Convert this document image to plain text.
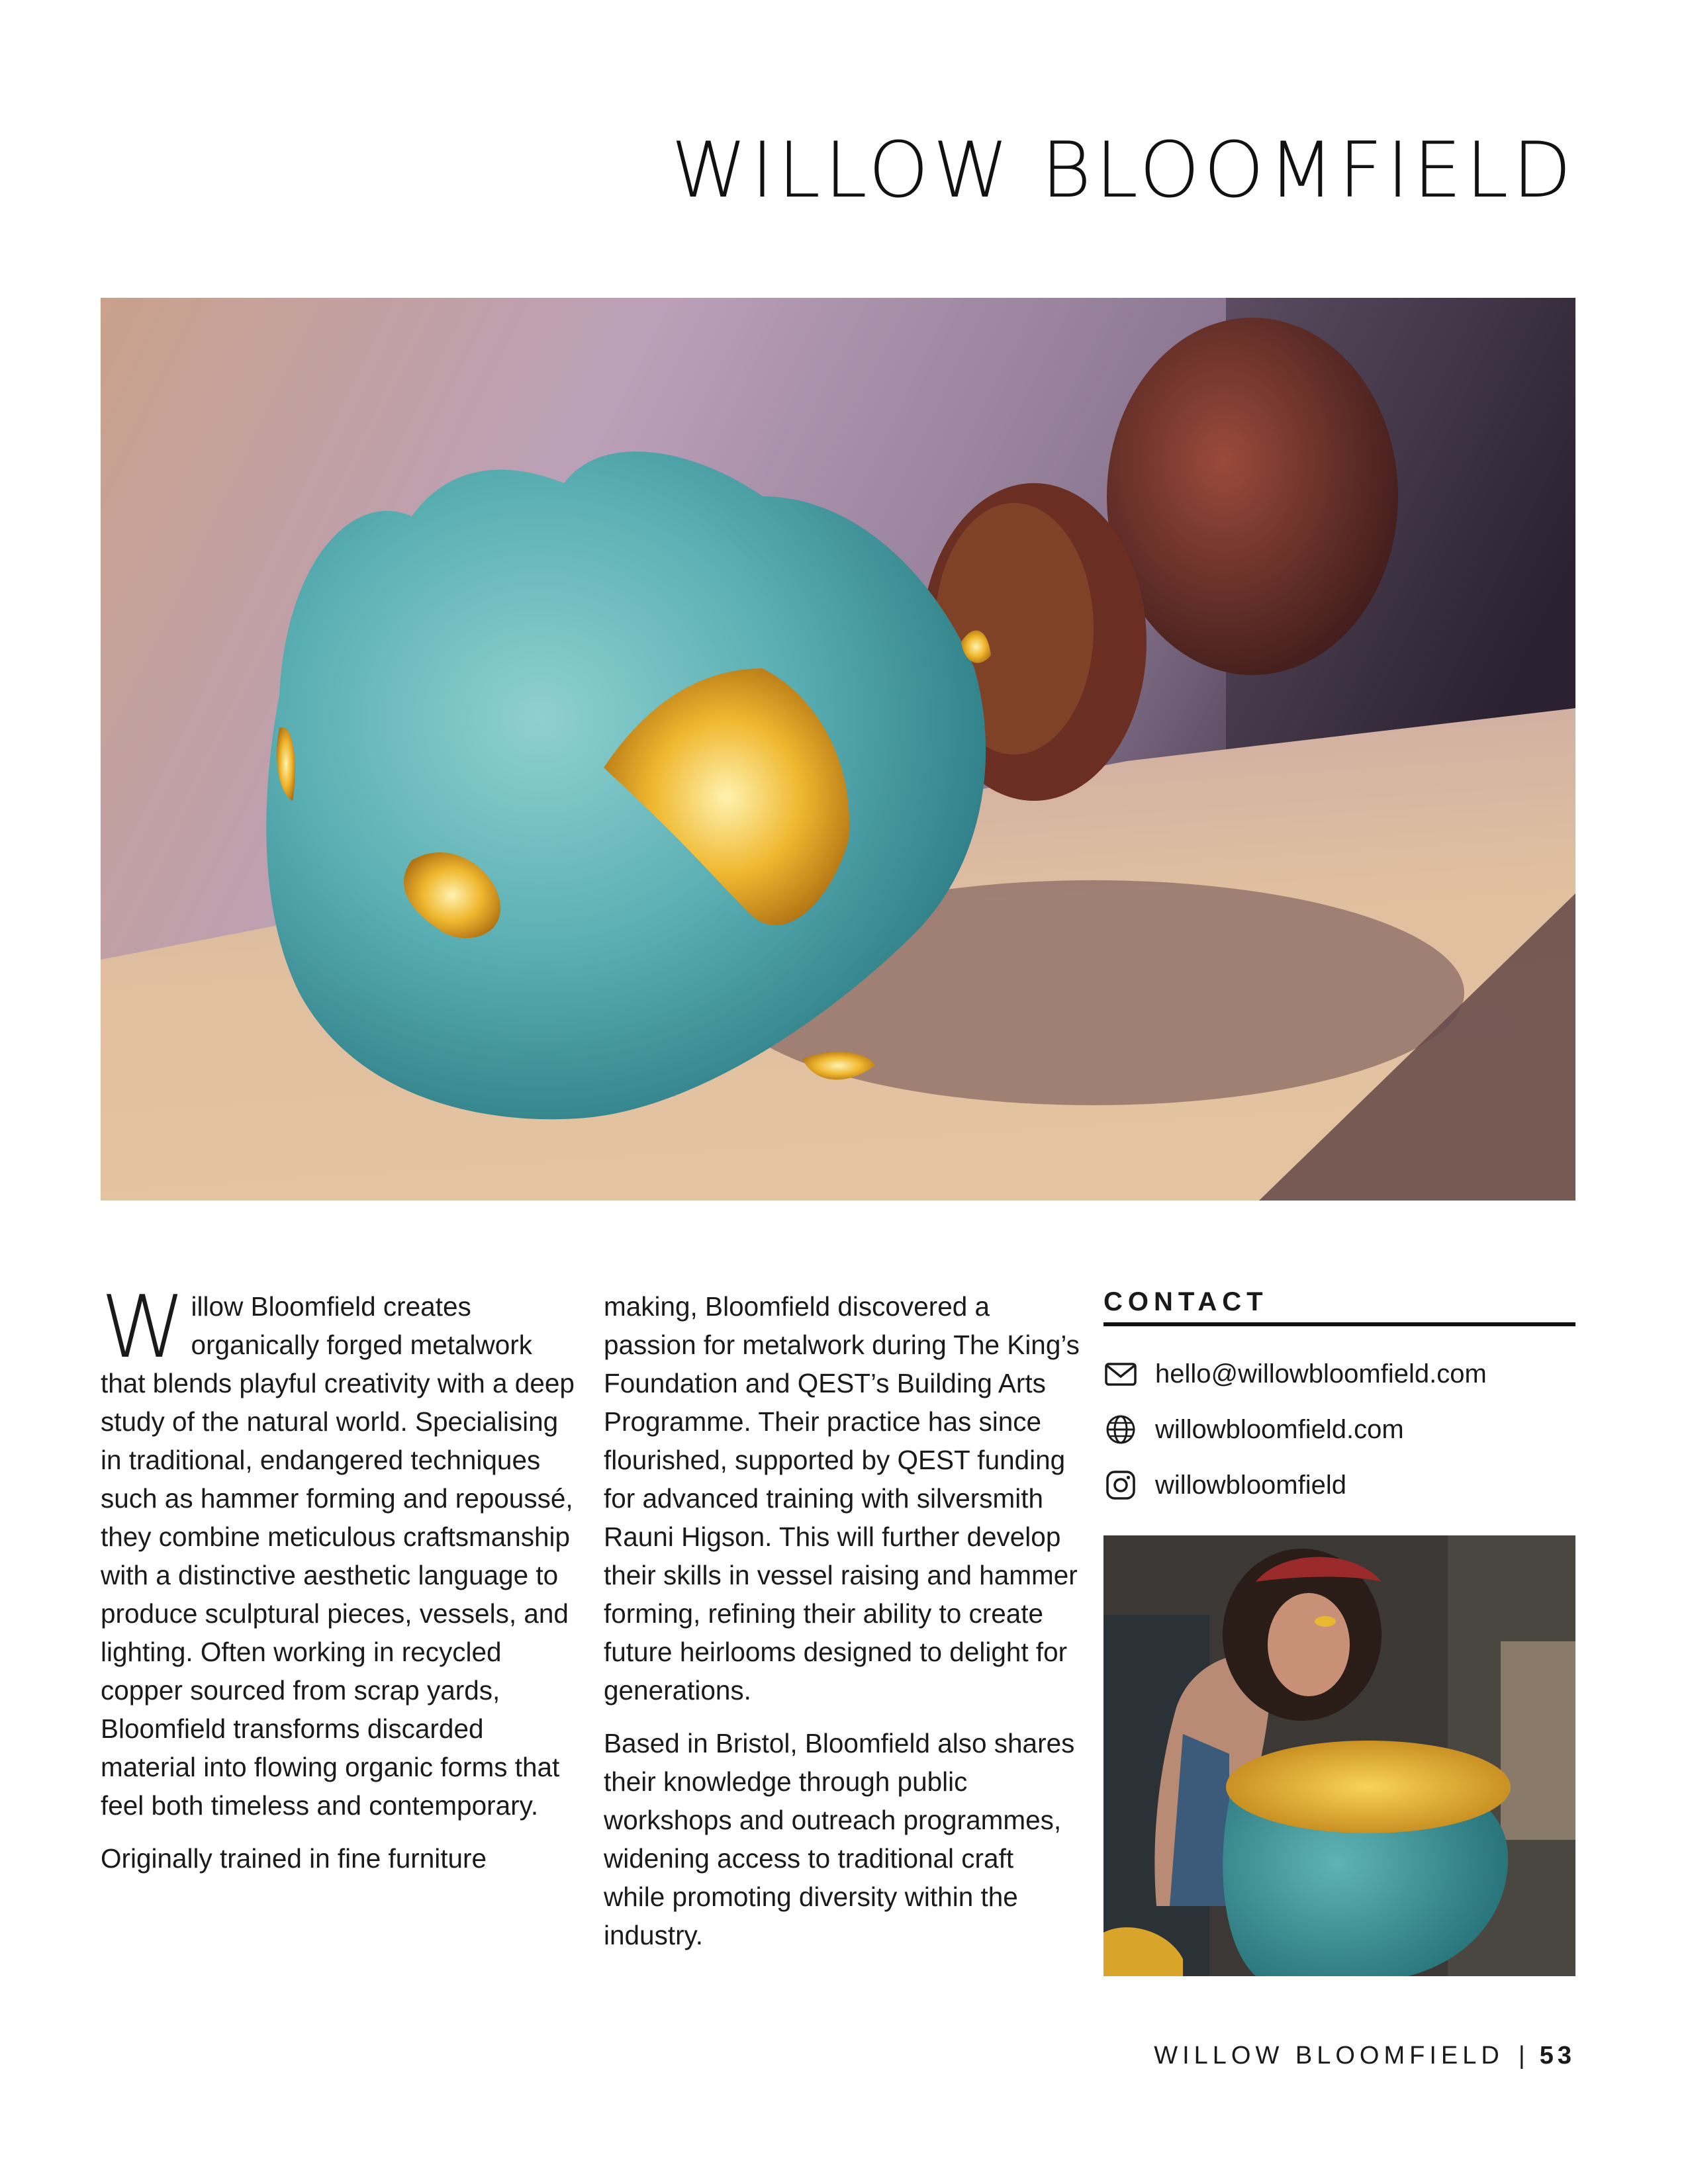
WILLOW BLOOMFIELD

Willow Bloomfield creates organically forged metalwork that blends playful creativity with a deep study of the natural world. Specialising in traditional, endangered techniques such as hammer forming and repoussé, they combine meticulous craftsmanship with a distinctive aesthetic language to produce sculptural pieces, vessels, and lighting. Often working in recycled copper sourced from scrap yards, Bloomfield transforms discarded material into flowing organic forms that feel both timeless and contemporary.

Originally trained in fine furniture

making, Bloomfield discovered a passion for metalwork during The King’s Foundation and QEST’s Building Arts Programme. Their practice has since flourished, supported by QEST funding for advanced training with silversmith Rauni Higson. This will further develop their skills in vessel raising and hammer forming, refining their ability to create future heirlooms designed to delight for generations.

Based in Bristol, Bloomfield also shares their knowledge through public workshops and outreach programmes, widening access to traditional craft while promoting diversity within the industry.

CONTACT
hello@willowbloomfield.com
willowbloomfield.com
willowbloomfield
WILLOW BLOOMFIELD | 53
